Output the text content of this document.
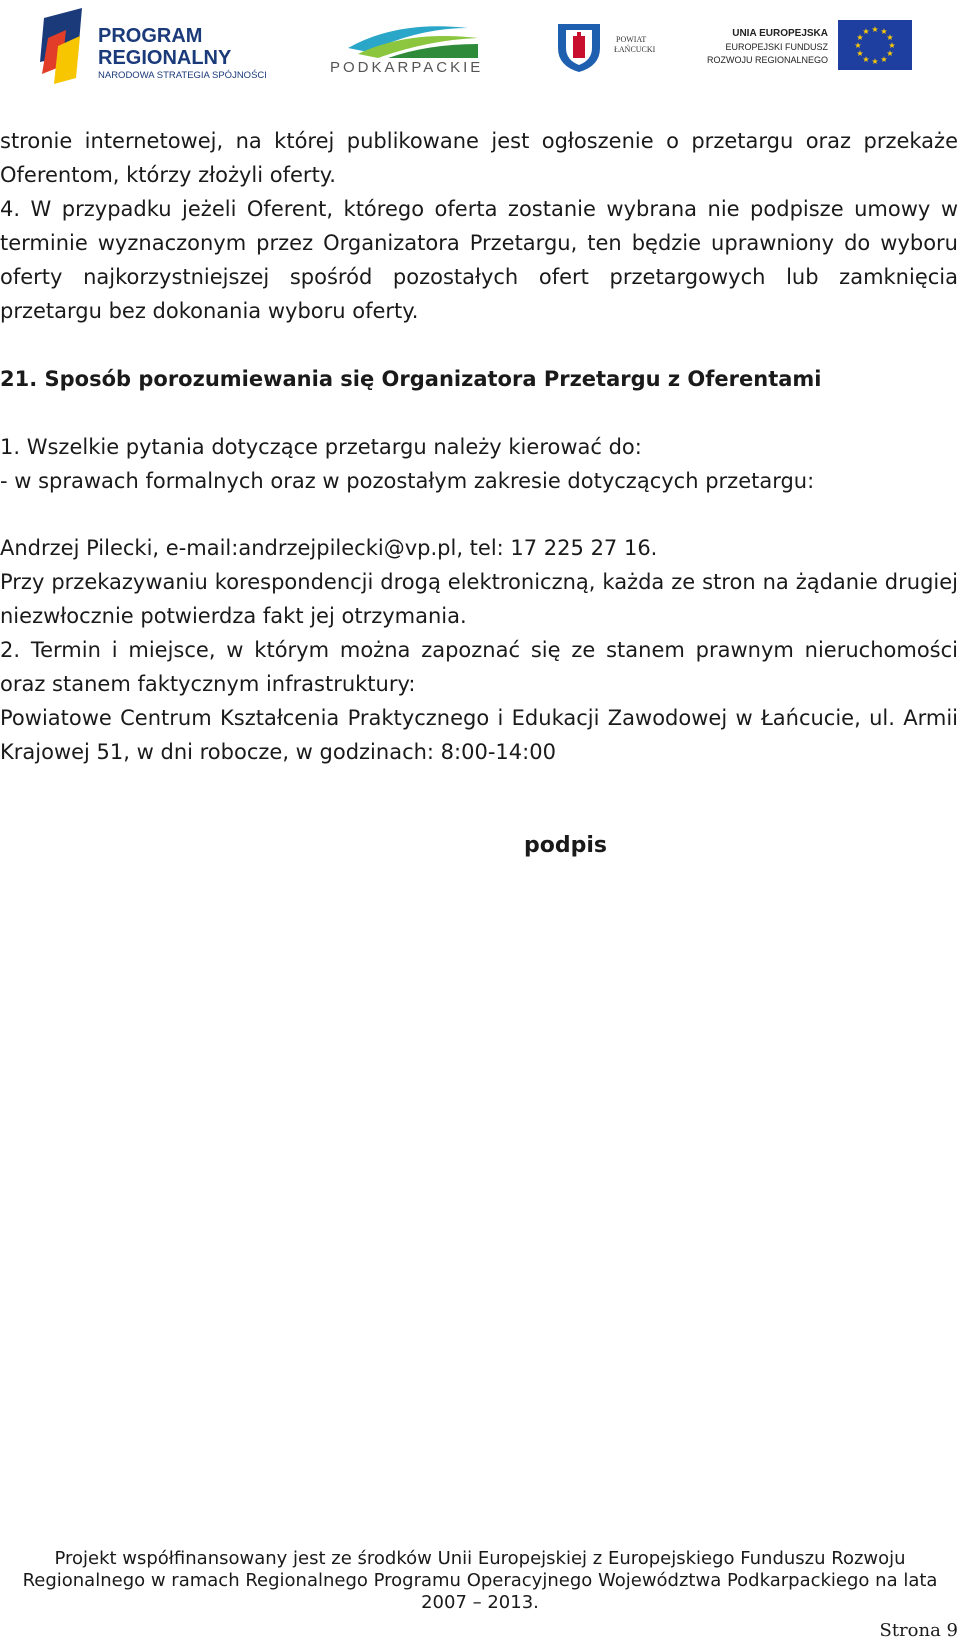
PROGRAM
REGIONALNY
NARODOWA STRATEGIA SPÓJNOŚCI	PODKARPACKIE
POWIAT
ŁAŃCUCKI
UNIA EUROPEJSKA
EUROPEJSKI FUNDUSZ
ROZWOJU REGIONALNEGO
★ ★
★
★
★
★
★
★
★
★
★
★

stronie internetowej, na której publikowane jest ogłoszenie o przetargu oraz przekaże Oferentom, którzy złożyli oferty.

4. W przypadku jeżeli Oferent, którego oferta zostanie wybrana nie podpisze umowy w terminie wyznaczonym przez Organizatora Przetargu, ten będzie uprawniony do wyboru oferty najkorzystniejszej spośród pozostałych ofert przetargowych lub zamknięcia przetargu bez dokonania wyboru oferty.

21. Sposób porozumiewania się Organizatora Przetargu z Oferentami

1. Wszelkie pytania dotyczące przetargu należy kierować do:

- w sprawach formalnych oraz w pozostałym zakresie dotyczących przetargu:

Andrzej Pilecki, e-mail:andrzejpilecki@vp.pl, tel: 17 225 27 16.

Przy przekazywaniu korespondencji drogą elektroniczną, każda ze stron na żądanie drugiej niezwłocznie potwierdza fakt jej otrzymania.

2. Termin i miejsce, w którym można zapoznać się ze stanem prawnym nieruchomości oraz stanem faktycznym infrastruktury:

Powiatowe Centrum Kształcenia Praktycznego i Edukacji Zawodowej w Łańcucie, ul. Armii Krajowej 51, w dni robocze, w godzinach: 8:00-14:00

podpis
Projekt współfinansowany jest ze środków Unii Europejskiej z Europejskiego Funduszu Rozwoju
Regionalnego w ramach Regionalnego Programu Operacyjnego Województwa Podkarpackiego na lata
2007 – 2013.
Strona 9
